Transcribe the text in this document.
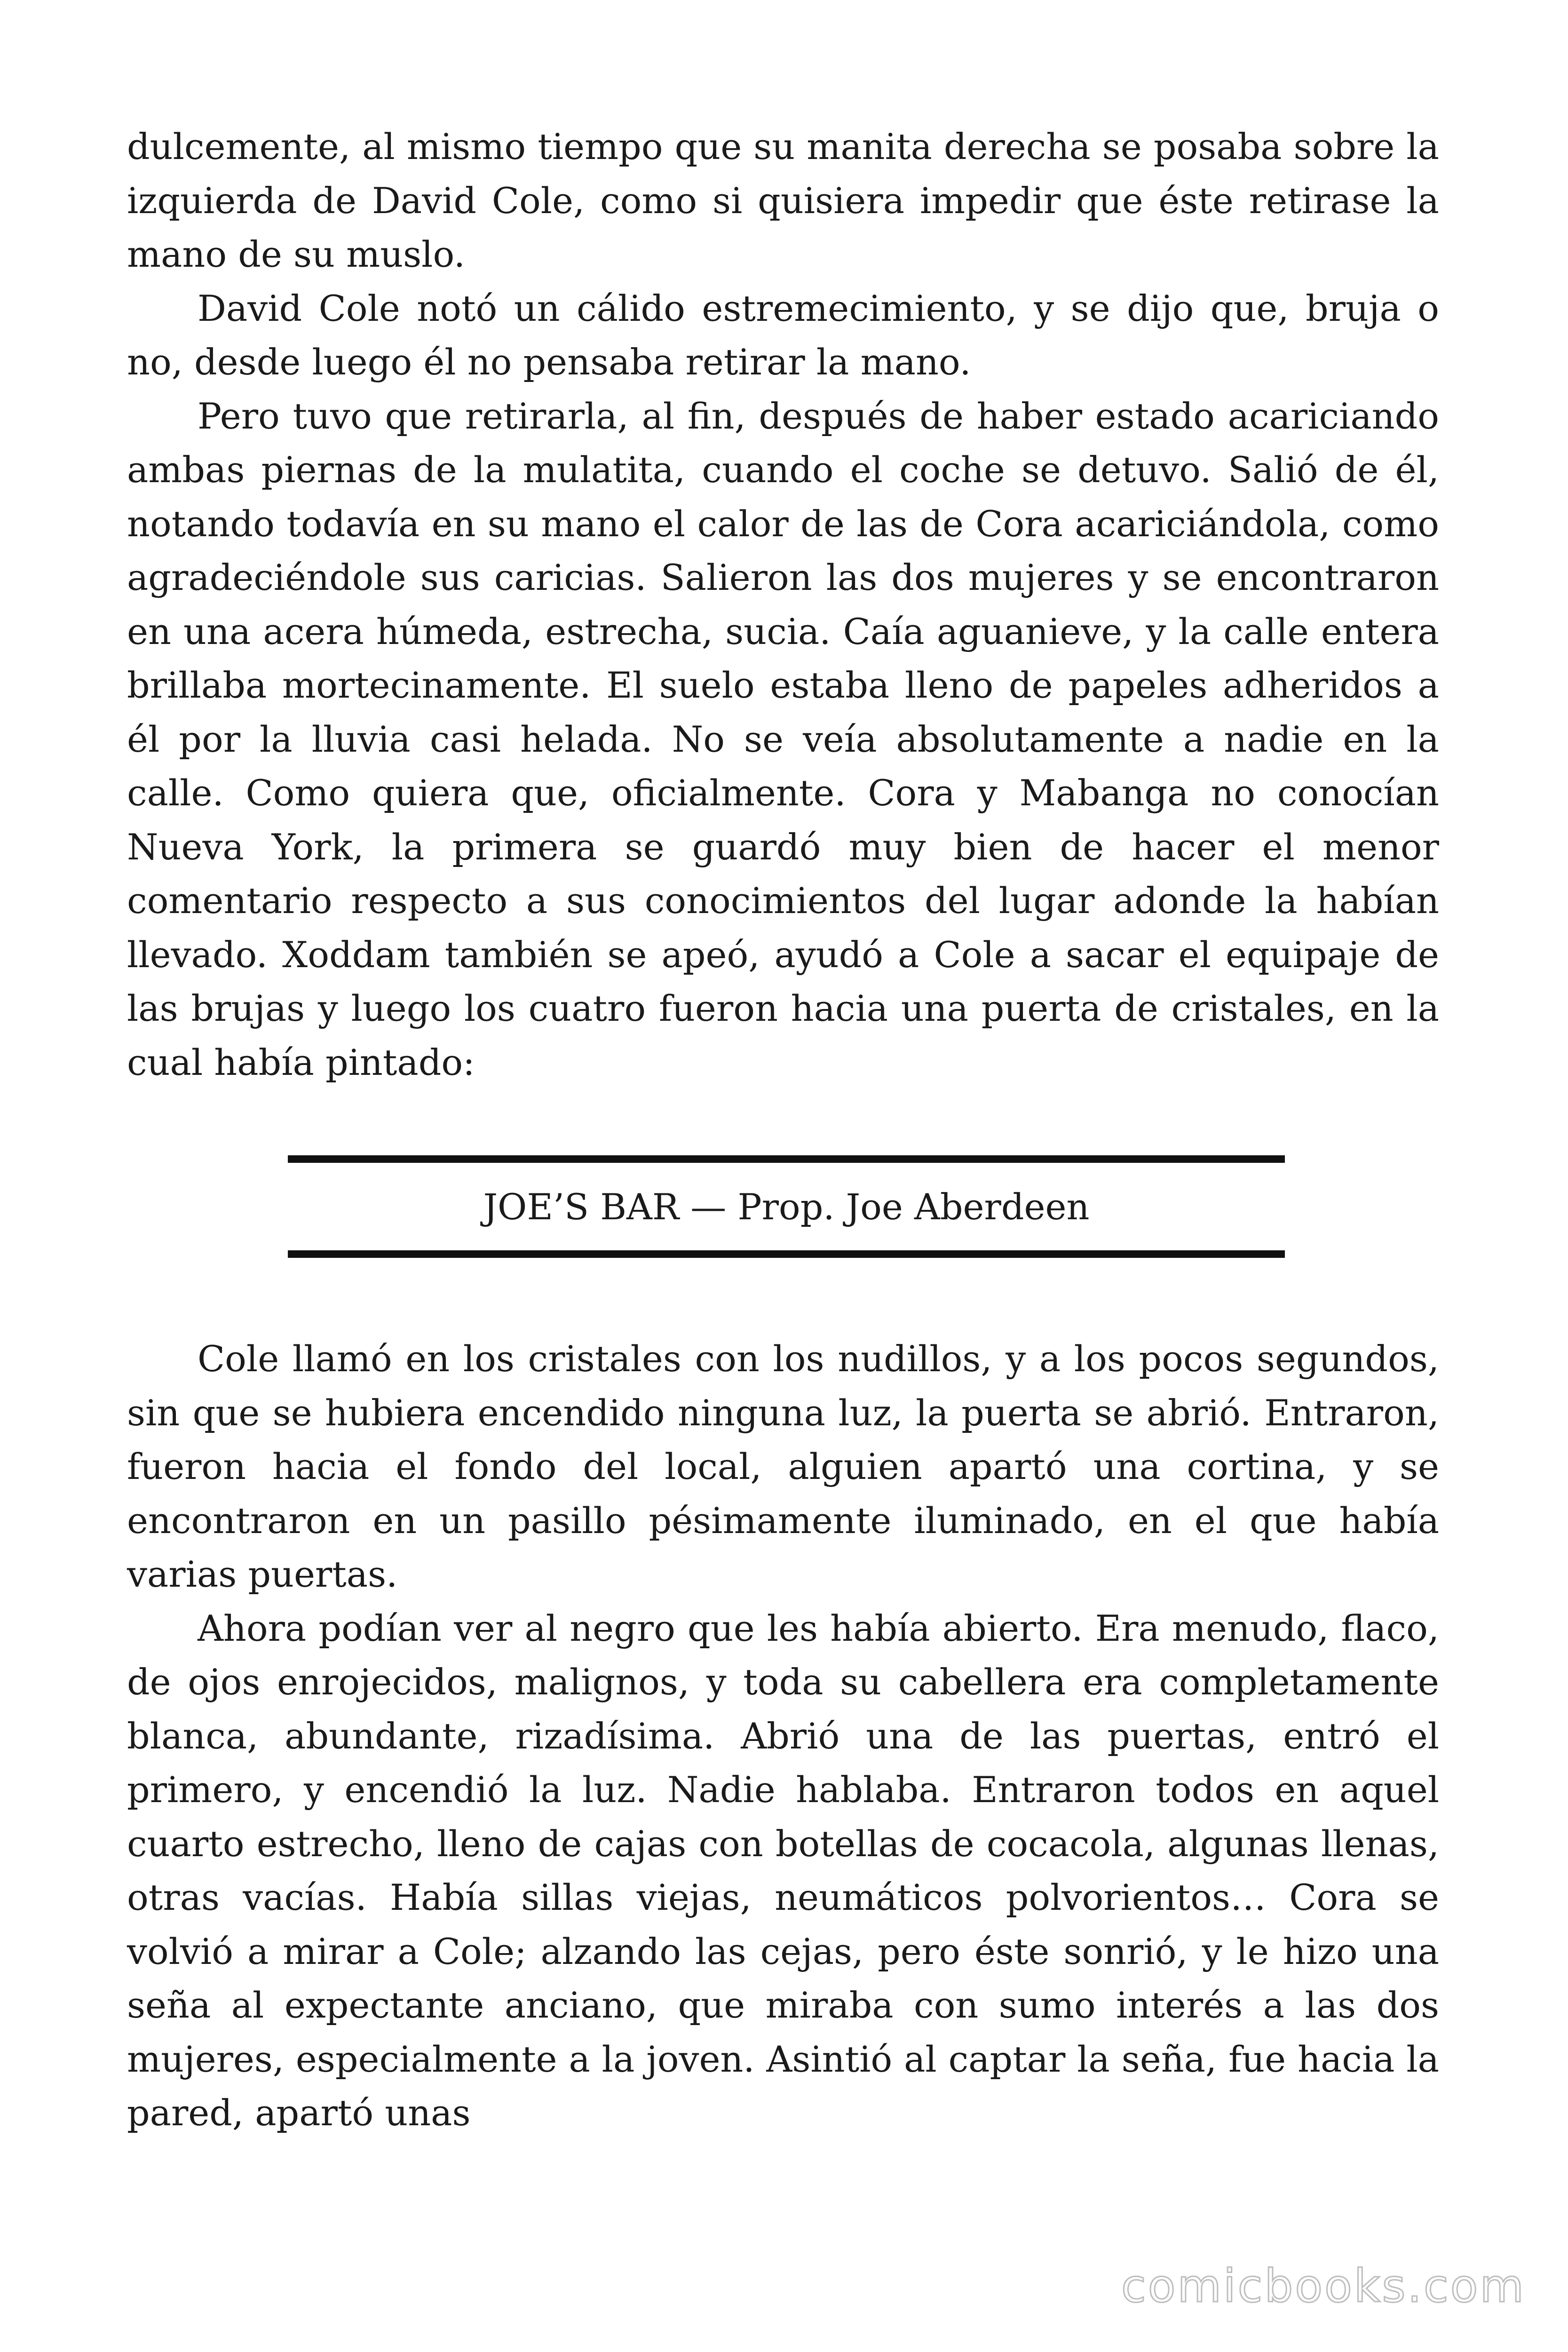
dulcemente, al mismo tiempo que su manita derecha se posaba sobre la izquierda de David Cole, como si quisiera impedir que éste retirase la mano de su muslo.

David Cole notó un cálido estremecimiento, y se dijo que, bruja o no, desde luego él no pensaba retirar la mano.

Pero tuvo que retirarla, al fin, después de haber estado acariciando ambas piernas de la mulatita, cuando el coche se detuvo. Salió de él, notando todavía en su mano el calor de las de Cora acariciándola, como agradeciéndole sus caricias. Salieron las dos mujeres y se encontraron en una acera húmeda, estrecha, sucia. Caía aguanieve, y la calle entera brillaba mortecinamente. El suelo estaba lleno de papeles adheridos a él por la lluvia casi helada. No se veía absolutamente a nadie en la calle. Como quiera que, oficialmente. Cora y Mabanga no conocían Nueva York, la primera se guardó muy bien de hacer el menor comentario respecto a sus conocimientos del lugar adonde la habían llevado. Xoddam también se apeó, ayudó a Cole a sacar el equipaje de las brujas y luego los cuatro fueron hacia una puerta de cristales, en la cual había pintado:

JOE’S BAR — Prop. Joe Aberdeen

Cole llamó en los cristales con los nudillos, y a los pocos segundos, sin que se hubiera encendido ninguna luz, la puerta se abrió. Entraron, fueron hacia el fondo del local, alguien apartó una cortina, y se encontraron en un pasillo pésimamente iluminado, en el que había varias puertas.

Ahora podían ver al negro que les había abierto. Era menudo, flaco, de ojos enrojecidos, malignos, y toda su cabellera era completamente blanca, abundante, rizadísima. Abrió una de las puertas, entró el primero, y encendió la luz. Nadie hablaba. Entraron todos en aquel cuarto estrecho, lleno de cajas con botellas de cocacola, algunas llenas, otras vacías. Había sillas viejas, neumáticos polvorientos… Cora se volvió a mirar a Cole; alzando las cejas, pero éste sonrió, y le hizo una seña al expectante anciano, que miraba con sumo interés a las dos mujeres, especialmente a la joven. Asintió al captar la seña, fue hacia la pared, apartó unas

comicbooks.com
